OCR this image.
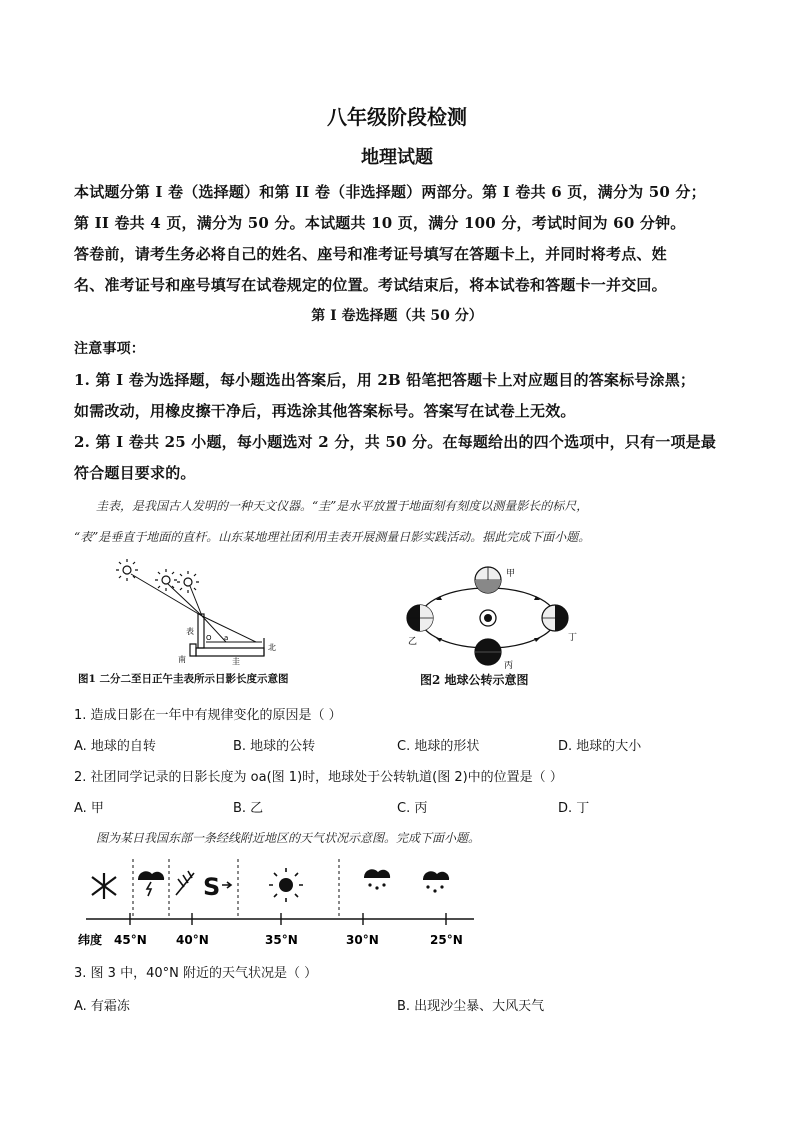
八年级阶段检测
地理试题
本试题分第 I 卷（选择题）和第 II 卷（非选择题）两部分。第 I 卷共 6 页，满分为 50 分；
第 II 卷共 4 页，满分为 50 分。本试题共 10 页，满分 100 分，考试时间为 60 分钟。
答卷前，请考生务必将自己的姓名、座号和准考证号填写在答题卡上，并同时将考点、姓
名、准考证号和座号填写在试卷规定的位置。考试结束后，将本试卷和答题卡一并交回。
第 I 卷选择题（共 50 分）
注意事项：
1. 第 I 卷为选择题，每小题选出答案后，用 2B 铅笔把答题卡上对应题目的答案标号涂黑；
如需改动，用橡皮擦干净后，再选涂其他答案标号。答案写在试卷上无效。
2. 第 I 卷共 25 小题，每小题选对 2 分，共 50 分。在每题给出的四个选项中，只有一项是最
符合题目要求的。
圭表，是我国古人发明的一种天文仪器。“圭”是水平放置于地面刻有刻度以测量影长的标尺，
“表”是垂直于地面的直杆。山东某地理社团利用圭表开展测量日影实践活动。据此完成下面小题。
表
南
北
圭
O a
图1 二分二至日正午圭表所示日影长度示意图
甲
乙
丙
丁
图2 地球公转示意图
1. 造成日影在一年中有规律变化的原因是（ ）
A. 地球的自转	B. 地球的公转	C. 地球的形状	D. 地球的大小
2. 社团同学记录的日影长度为 oa(图 1)时，地球处于公转轨道(图 2)中的位置是（ ）
A. 甲	B. 乙	C. 丙	D. 丁
图为某日我国东部一条经线附近地区的天气状况示意图。完成下面小题。
S
纬度 45°N 40°N	35°N	30°N	25°N
3. 图 3 中，40°N 附近的天气状况是（ ）
A. 有霜冻	B. 出现沙尘暴、大风天气
